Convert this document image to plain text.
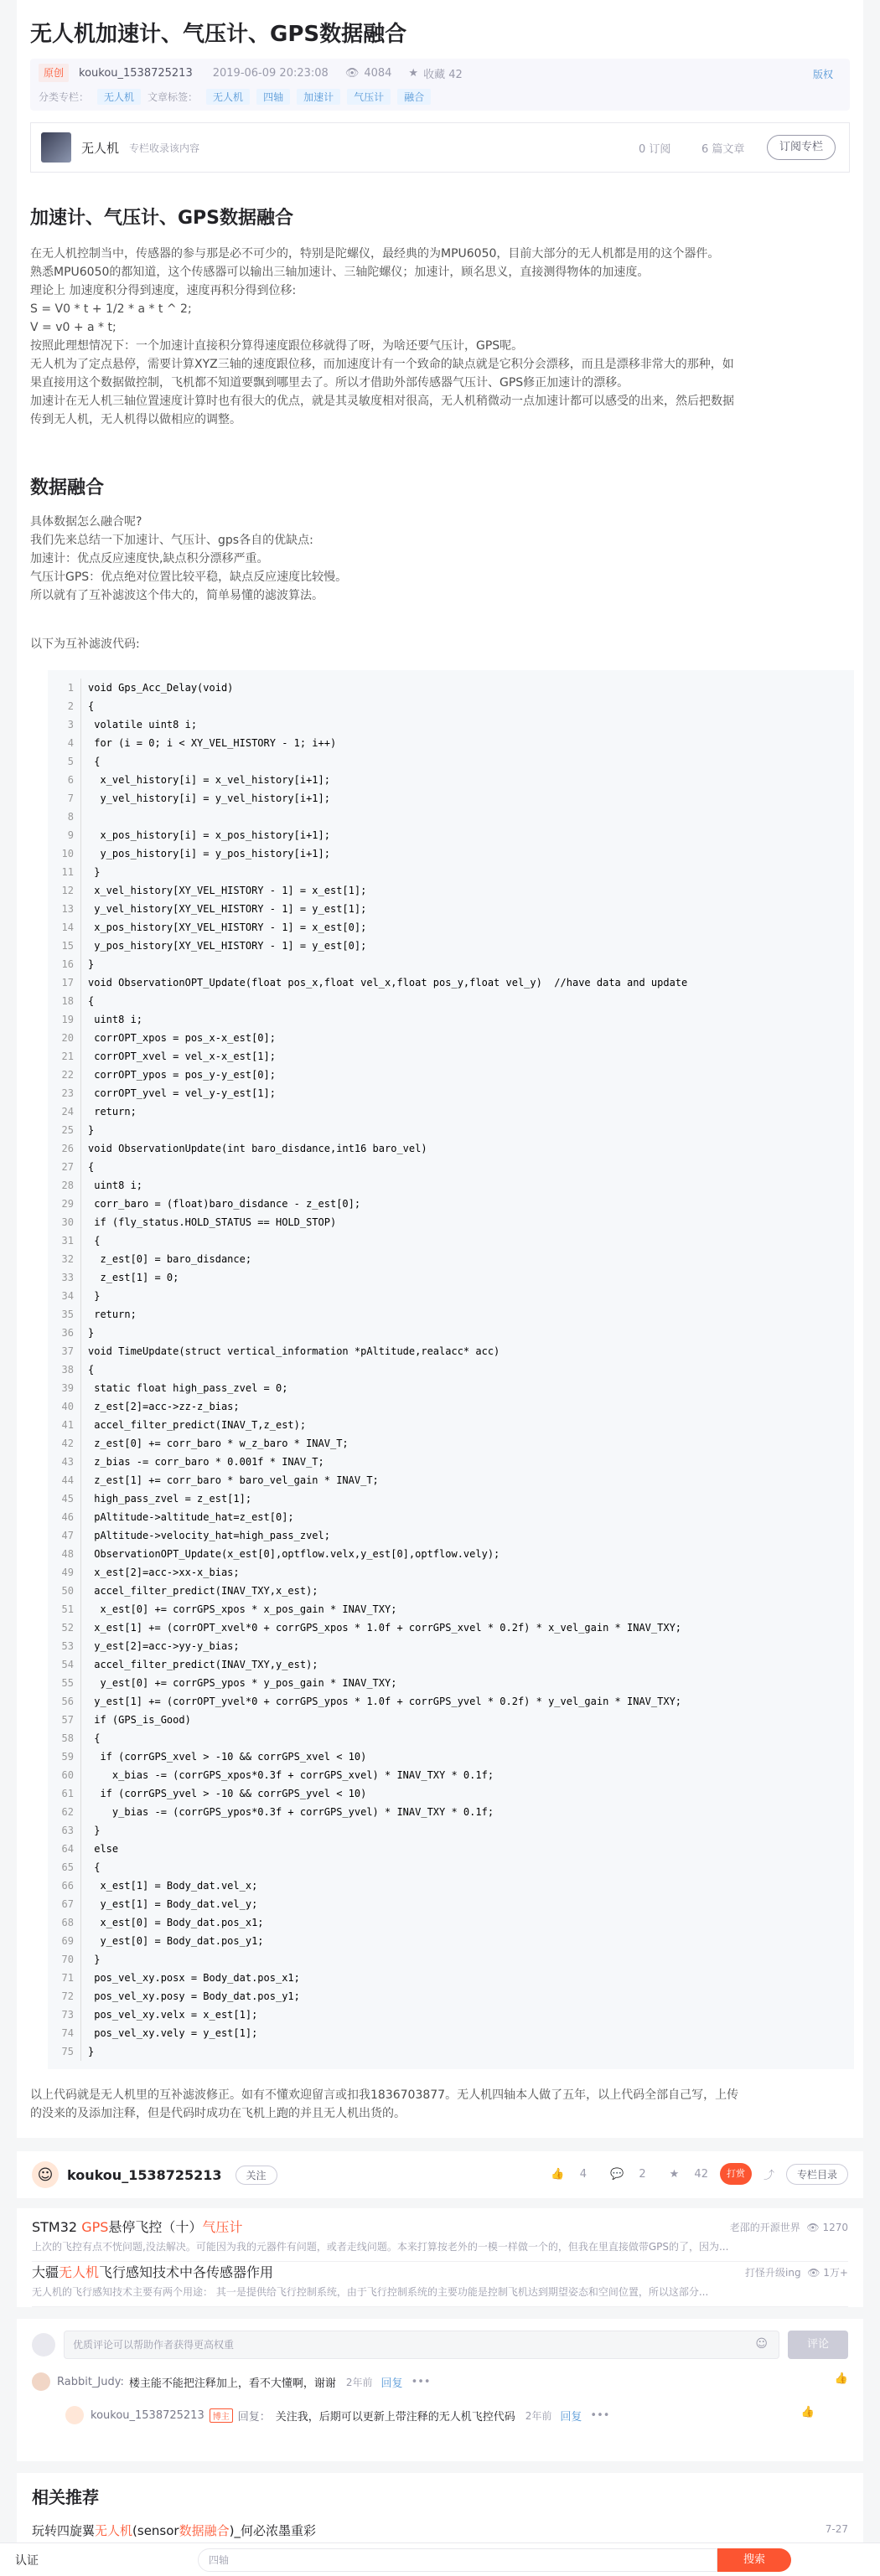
无人机加速计、气压计、GPS数据融合
原创	koukou_1538725213 2019-06-09 20:23:08 👁 4084 ★ 收藏 42	版权
分类专栏：	无人机	文章标签：	无人机	四轴	加速计	气压计	融合
无人机 专栏收录该内容	0 订阅	6 篇文章	订阅专栏
加速计、气压计、GPS数据融合
在无人机控制当中，传感器的参与那是必不可少的，特别是陀螺仪，最经典的为MPU6050，目前大部分的无人机都是用的这个器件。
熟悉MPU6050的都知道，这个传感器可以输出三轴加速计、三轴陀螺仪；加速计，顾名思义，直接测得物体的加速度。
理论上 加速度积分得到速度，速度再积分得到位移:
S = V0 * t + 1/2 * a * t ^ 2;
V = v0 + a * t;
按照此理想情况下：一个加速计直接积分算得速度跟位移就得了呀，为啥还要气压计，GPS呢。
无人机为了定点悬停，需要计算XYZ三轴的速度跟位移，而加速度计有一个致命的缺点就是它积分会漂移，而且是漂移非常大的那种，如
果直接用这个数据做控制，飞机都不知道要飘到哪里去了。所以才借助外部传感器气压计、GPS修正加速计的漂移。
加速计在无人机三轴位置速度计算时也有很大的优点，就是其灵敏度相对很高，无人机稍微动一点加速计都可以感受的出来，然后把数据
传到无人机，无人机得以做相应的调整。
数据融合
具体数据怎么融合呢?
我们先来总结一下加速计、气压计、gps各自的优缺点:
加速计：优点反应速度快,缺点积分漂移严重。
气压计GPS：优点绝对位置比较平稳，缺点反应速度比较慢。
所以就有了互补滤波这个伟大的，简单易懂的滤波算法。
以下为互补滤波代码:
1	void Gps_Acc_Delay(void)
2	{
3	volatile uint8 i;
4	for (i = 0; i < XY_VEL_HISTORY - 1; i++)
5	{
6	x_vel_history[i] = x_vel_history[i+1];
7	y_vel_history[i] = y_vel_history[i+1];
8
9	x_pos_history[i] = x_pos_history[i+1];
10	y_pos_history[i] = y_pos_history[i+1];
11	}
12	x_vel_history[XY_VEL_HISTORY - 1] = x_est[1];
13	y_vel_history[XY_VEL_HISTORY - 1] = y_est[1];
14	x_pos_history[XY_VEL_HISTORY - 1] = x_est[0];
15	y_pos_history[XY_VEL_HISTORY - 1] = y_est[0];
16	}
17	void ObservationOPT_Update(float pos_x,float vel_x,float pos_y,float vel_y)  //have data and update
18	{
19	uint8 i;
20	corrOPT_xpos = pos_x-x_est[0];
21	corrOPT_xvel = vel_x-x_est[1];
22	corrOPT_ypos = pos_y-y_est[0];
23	corrOPT_yvel = vel_y-y_est[1];
24	return;
25	}
26	void ObservationUpdate(int baro_disdance,int16 baro_vel)
27	{
28	uint8 i;
29	corr_baro = (float)baro_disdance - z_est[0];
30	if (fly_status.HOLD_STATUS == HOLD_STOP)
31	{
32	z_est[0] = baro_disdance;
33	z_est[1] = 0;
34	}
35	return;
36	}
37	void TimeUpdate(struct vertical_information *pAltitude,realacc* acc)
38	{
39	static float high_pass_zvel = 0;
40	z_est[2]=acc->zz-z_bias;
41	accel_filter_predict(INAV_T,z_est);
42	z_est[0] += corr_baro * w_z_baro * INAV_T;
43	z_bias -= corr_baro * 0.001f * INAV_T;
44	z_est[1] += corr_baro * baro_vel_gain * INAV_T;
45	high_pass_zvel = z_est[1];
46	pAltitude->altitude_hat=z_est[0];
47	pAltitude->velocity_hat=high_pass_zvel;
48	ObservationOPT_Update(x_est[0],optflow.velx,y_est[0],optflow.vely);
49	x_est[2]=acc->xx-x_bias;
50	accel_filter_predict(INAV_TXY,x_est);
51	x_est[0] += corrGPS_xpos * x_pos_gain * INAV_TXY;
52	x_est[1] += (corrOPT_xvel*0 + corrGPS_xpos * 1.0f + corrGPS_xvel * 0.2f) * x_vel_gain * INAV_TXY;
53	y_est[2]=acc->yy-y_bias;
54	accel_filter_predict(INAV_TXY,y_est);
55	y_est[0] += corrGPS_ypos * y_pos_gain * INAV_TXY;
56	y_est[1] += (corrOPT_yvel*0 + corrGPS_ypos * 1.0f + corrGPS_yvel * 0.2f) * y_vel_gain * INAV_TXY;
57	if (GPS_is_Good)
58	{
59	if (corrGPS_xvel > -10 && corrGPS_xvel < 10)
60	x_bias -= (corrGPS_xpos*0.3f + corrGPS_xvel) * INAV_TXY * 0.1f;
61	if (corrGPS_yvel > -10 && corrGPS_yvel < 10)
62	y_bias -= (corrGPS_ypos*0.3f + corrGPS_yvel) * INAV_TXY * 0.1f;
63	}
64	else
65	{
66	x_est[1] = Body_dat.vel_x;
67	y_est[1] = Body_dat.vel_y;
68	x_est[0] = Body_dat.pos_x1;
69	y_est[0] = Body_dat.pos_y1;
70	}
71	pos_vel_xy.posx = Body_dat.pos_x1;
72	pos_vel_xy.posy = Body_dat.pos_y1;
73	pos_vel_xy.velx = x_est[1];
74	pos_vel_xy.vely = y_est[1];
75	}
以上代码就是无人机里的互补滤波修正。如有不懂欢迎留言或扣我1836703877。无人机四轴本人做了五年，以上代码全部自己写，上传
的没来的及添加注释，但是代码时成功在飞机上跑的并且无人机出货的。
☺	koukou_1538725213	关注	👍 4	💬 2	★ 42	打赏	⤴	专栏目录
STM32 GPS悬停飞控（十）气压计
上次的飞控有点不恍问题,没法解决。可能因为我的元器件有问题，或者走线问题。本来打算按老外的一模一样做一个的，但我在里直接做带GPS的了，因为...
老邵的开源世界 👁 1270
大疆无人机飞行感知技术中各传感器作用
无人机的飞行感知技术主要有两个用途： 其一是提供给飞行控制系统，由于飞行控制系统的主要功能是控制飞机达到期望姿态和空间位置，所以这部分...
打怪升级ing 👁 1万+
优质评论可以帮助作者获得更高权重	☺	评论
Rabbit_Judy: 楼主能不能把注释加上，看不大懂啊，谢谢 2年前 回复 •••	👍
koukou_1538725213	博主 回复： 关注我，后期可以更新上带注释的无人机飞控代码 2年前 回复 •••	👍
相关推荐
玩转四旋翼无人机(sensor数据融合)_何必浓墨重彩	7-27
认证	四轴	搜索
